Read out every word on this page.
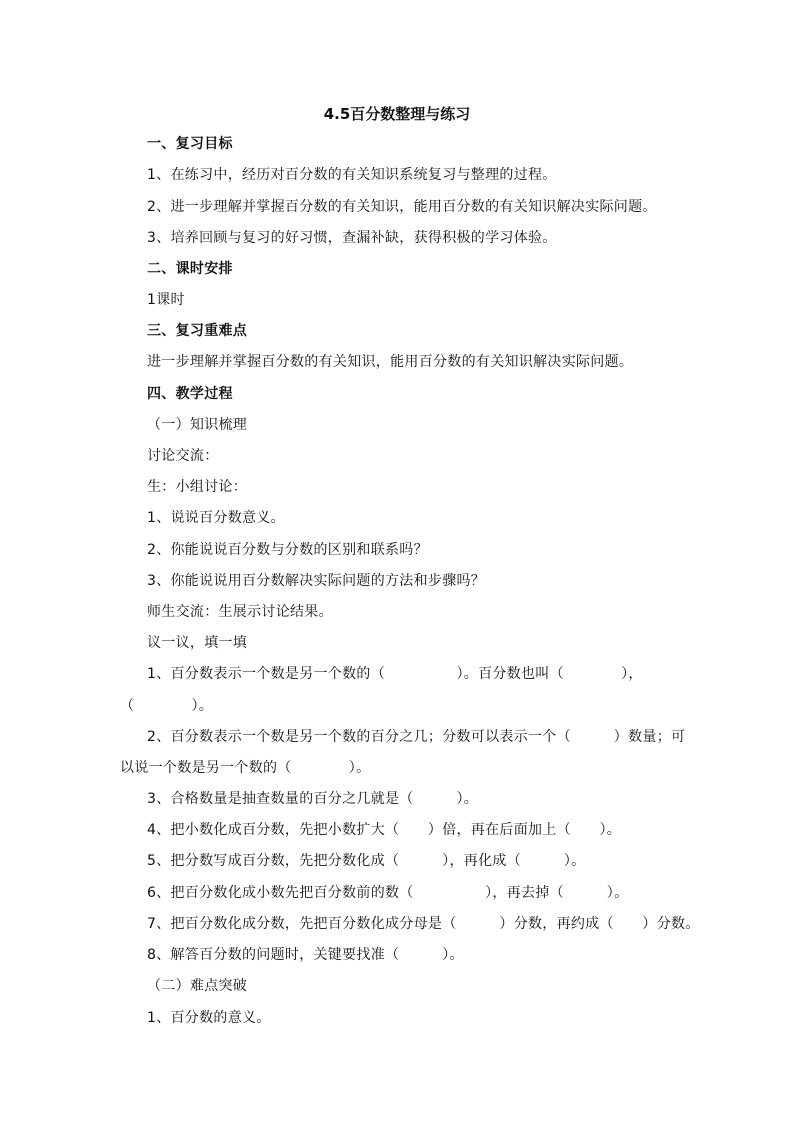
4.5百分数整理与练习
一、复习目标
1、在练习中，经历对百分数的有关知识系统复习与整理的过程。
2、进一步理解并掌握百分数的有关知识，能用百分数的有关知识解决实际问题。
3、培养回顾与复习的好习惯，查漏补缺，获得积极的学习体验。
二、课时安排
1课时
三、复习重难点
进一步理解并掌握百分数的有关知识，能用百分数的有关知识解决实际问题。
四、教学过程
（一）知识梳理
讨论交流：
生：小组讨论：
1、说说百分数意义。
2、你能说说百分数与分数的区别和联系吗？
3、你能说说用百分数解决实际问题的方法和步骤吗？
师生交流：生展示讨论结果。
议一议，填一填
1、百分数表示一个数是另一个数的（　　　　　）。百分数也叫（　　　　），
（　　　　）。
2、百分数表示一个数是另一个数的百分之几；分数可以表示一个（　　　）数量；可
以说一个数是另一个数的（　　　　）。
3、合格数量是抽查数量的百分之几就是（　　　）。
4、把小数化成百分数，先把小数扩大（　　）倍，再在后面加上（　　）。
5、把分数写成百分数，先把分数化成（　　　），再化成（　　　）。
6、把百分数化成小数先把百分数前的数（　　　　　），再去掉（　　　）。
7、把百分数化成分数，先把百分数化成分母是（　　　）分数，再约成（　　）分数。
8、解答百分数的问题时，关键要找准（　　　）。
（二）难点突破
1、百分数的意义。
